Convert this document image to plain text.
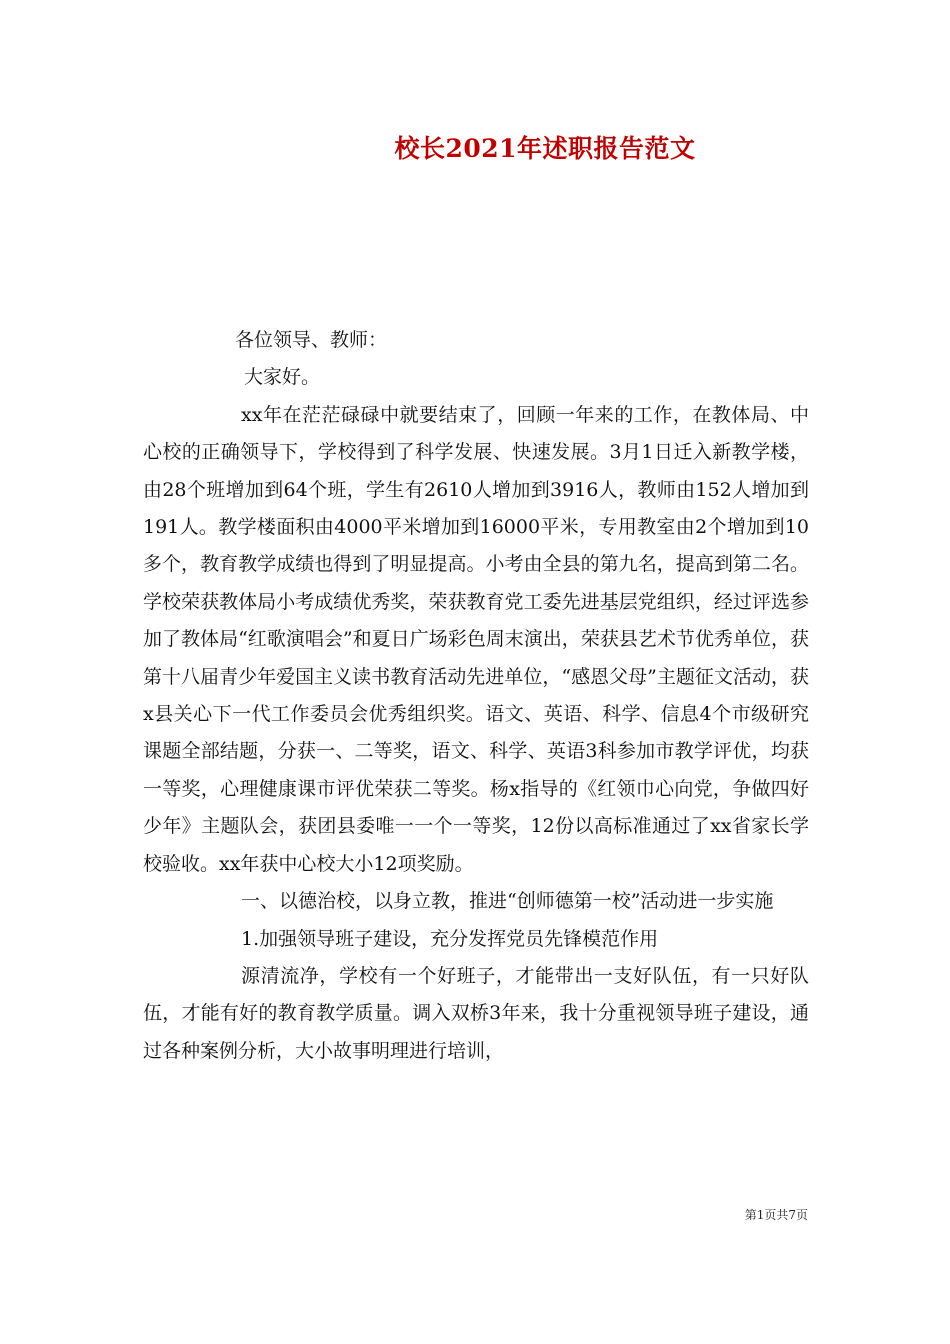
校长2021年述职报告范文

各位领导、教师：

大家好。

xx年在茫茫碌碌中就要结束了，回顾一年来的工作，在教体局、中心校的正确领导下，学校得到了科学发展、快速发展。3月1日迁入新教学楼，由28个班增加到64个班，学生有2610人增加到3916人，教师由152人增加到191人。教学楼面积由4000平米增加到16000平米，专用教室由2个增加到10多个，教育教学成绩也得到了明显提高。小考由全县的第九名，提高到第二名。学校荣获教体局小考成绩优秀奖，荣获教育党工委先进基层党组织，经过评选参加了教体局“红歌演唱会”和夏日广场彩色周末演出，荣获县艺术节优秀单位，获第十八届青少年爱国主义读书教育活动先进单位，“感恩父母”主题征文活动，获x县关心下一代工作委员会优秀组织奖。语文、英语、科学、信息4个市级研究课题全部结题，分获一、二等奖，语文、科学、英语3科参加市教学评优，均获一等奖，心理健康课市评优荣获二等奖。杨x指导的《红领巾心向党，争做四好少年》主题队会，获团县委唯一一个一等奖，12份以高标准通过了xx省家长学校验收。xx年获中心校大小12项奖励。

一、以德治校，以身立教，推进“创师德第一校”活动进一步实施

1.加强领导班子建设，充分发挥党员先锋模范作用

源清流净，学校有一个好班子，才能带出一支好队伍，有一只好队伍，才能有好的教育教学质量。调入双桥3年来，我十分重视领导班子建设，通过各种案例分析，大小故事明理进行培训，

第1页共7页
